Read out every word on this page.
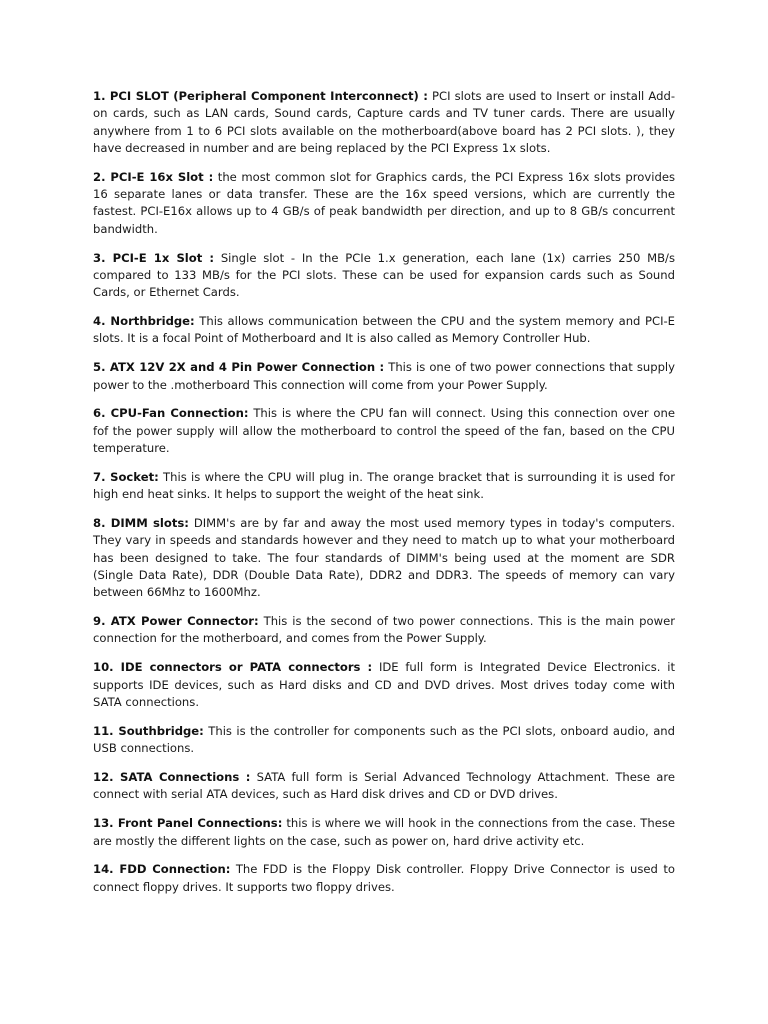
1. PCI SLOT (Peripheral Component Interconnect) : PCI slots are used to Insert or install Add-on cards, such as LAN cards, Sound cards, Capture cards and TV tuner cards. There are usually anywhere from 1 to 6 PCI slots available on the motherboard(above board has 2 PCI slots. ), they have decreased in number and are being replaced by the PCI Express 1x slots.

2. PCI-E 16x Slot : the most common slot for Graphics cards, the PCI Express 16x slots provides 16 separate lanes or data transfer. These are the 16x speed versions, which are currently the fastest. PCI-E16x allows up to 4 GB/s of peak bandwidth per direction, and up to 8 GB/s concurrent bandwidth.

3. PCI-E 1x Slot : Single slot - In the PCIe 1.x generation, each lane (1x) carries 250 MB/s compared to 133 MB/s for the PCI slots. These can be used for expansion cards such as Sound Cards, or Ethernet Cards.

4. Northbridge: This allows communication between the CPU and the system memory and PCI-E slots. It is a focal Point of Motherboard and It is also called as Memory Controller Hub.

5. ATX 12V 2X and 4 Pin Power Connection : This is one of two power connections that supply power to the .motherboard This connection will come from your Power Supply.

6. CPU-Fan Connection: This is where the CPU fan will connect. Using this connection over one fof the power supply will allow the motherboard to control the speed of the fan, based on the CPU temperature.

7. Socket: This is where the CPU will plug in. The orange bracket that is surrounding it is used for high end heat sinks. It helps to support the weight of the heat sink.

8. DIMM slots: DIMM's are by far and away the most used memory types in today's computers. They vary in speeds and standards however and they need to match up to what your motherboard has been designed to take. The four standards of DIMM's being used at the moment are SDR (Single Data Rate), DDR (Double Data Rate), DDR2 and DDR3. The speeds of memory can vary between 66Mhz to 1600Mhz.

9. ATX Power Connector: This is the second of two power connections. This is the main power connection for the motherboard, and comes from the Power Supply.

10. IDE connectors or PATA connectors : IDE full form is Integrated Device Electronics. it supports IDE devices, such as Hard disks and CD and DVD drives. Most drives today come with SATA connections.

11. Southbridge: This is the controller for components such as the PCI slots, onboard audio, and USB connections.

12. SATA Connections : SATA full form is Serial Advanced Technology Attachment. These are connect with serial ATA devices, such as Hard disk drives and CD or DVD drives.

13. Front Panel Connections: this is where we will hook in the connections from the case. These are mostly the different lights on the case, such as power on, hard drive activity etc.

14. FDD Connection: The FDD is the Floppy Disk controller. Floppy Drive Connector is used to connect floppy drives. It supports two floppy drives.
